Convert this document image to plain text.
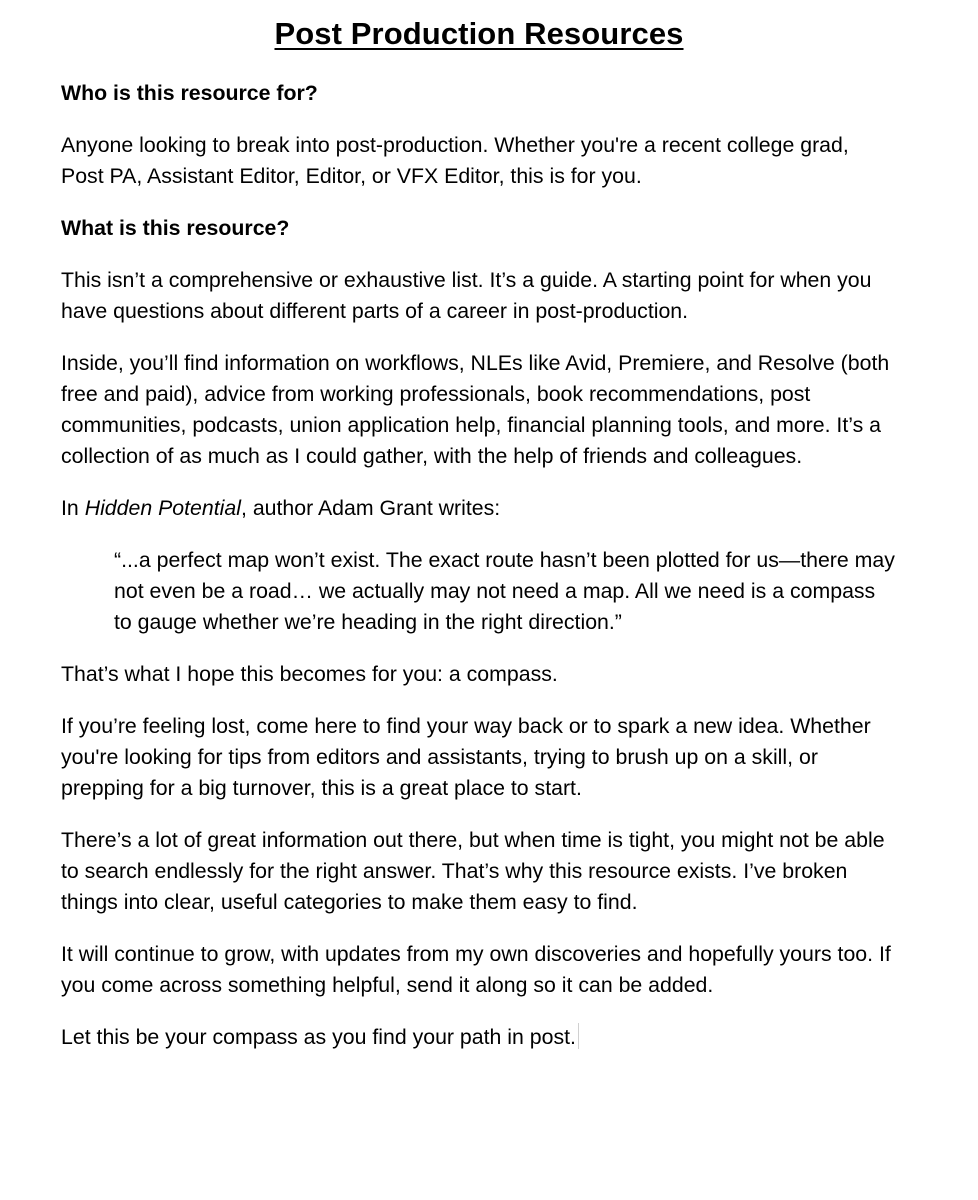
Post Production Resources

Who is this resource for?

Anyone looking to break into post-production. Whether you're a recent college grad, Post PA, Assistant Editor, Editor, or VFX Editor, this is for you.

What is this resource?

This isn’t a comprehensive or exhaustive list. It’s a guide. A starting point for when you have questions about different parts of a career in post-production.

Inside, you’ll find information on workflows, NLEs like Avid, Premiere, and Resolve (both free and paid), advice from working professionals, book recommendations, post communities, podcasts, union application help, financial planning tools, and more. It’s a collection of as much as I could gather, with the help of friends and colleagues.

In Hidden Potential, author Adam Grant writes:

“...a perfect map won’t exist. The exact route hasn’t been plotted for us—there may not even be a road… we actually may not need a map. All we need is a compass to gauge whether we’re heading in the right direction.”

That’s what I hope this becomes for you: a compass.

If you’re feeling lost, come here to find your way back or to spark a new idea. Whether you're looking for tips from editors and assistants, trying to brush up on a skill, or prepping for a big turnover, this is a great place to start.

There’s a lot of great information out there, but when time is tight, you might not be able to search endlessly for the right answer. That’s why this resource exists. I’ve broken things into clear, useful categories to make them easy to find.

It will continue to grow, with updates from my own discoveries and hopefully yours too. If you come across something helpful, send it along so it can be added.

Let this be your compass as you find your path in post.
